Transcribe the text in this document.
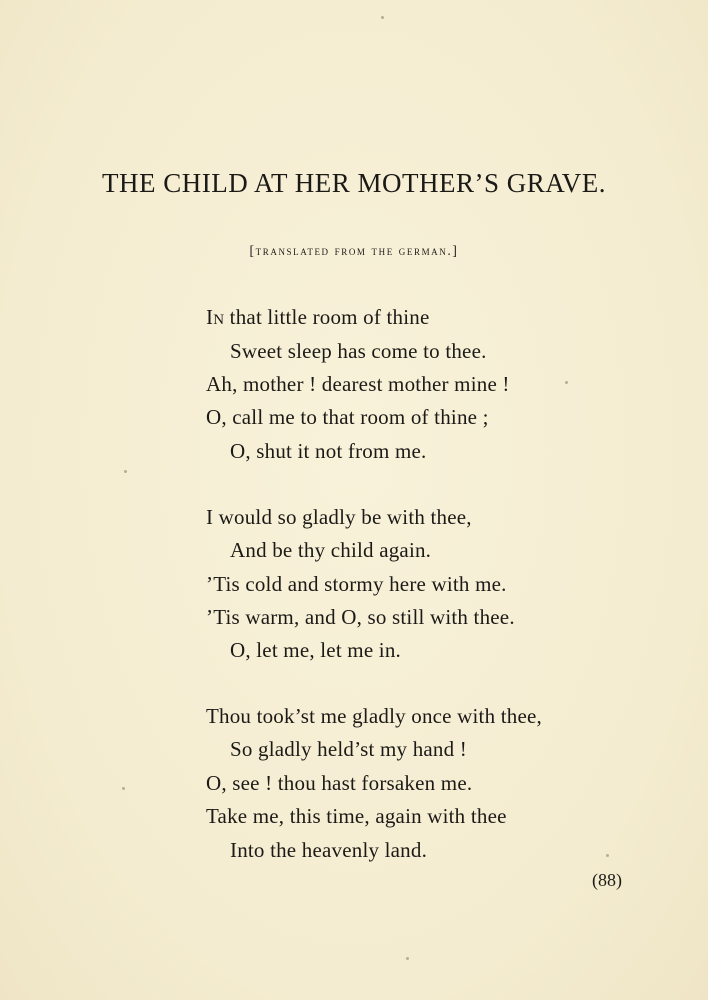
THE CHILD AT HER MOTHER’S GRAVE.
[translated from the german.]
In that little room of thine
Sweet sleep has come to thee.
Ah, mother ! dearest mother mine !
O, call me to that room of thine ;
O, shut it not from me.
I would so gladly be with thee,
And be thy child again.
’Tis cold and stormy here with me.
’Tis warm, and O, so still with thee.
O, let me, let me in.
Thou took’st me gladly once with thee,
So gladly held’st my hand !
O, see ! thou hast forsaken me.
Take me, this time, again with thee
Into the heavenly land.
(88)
